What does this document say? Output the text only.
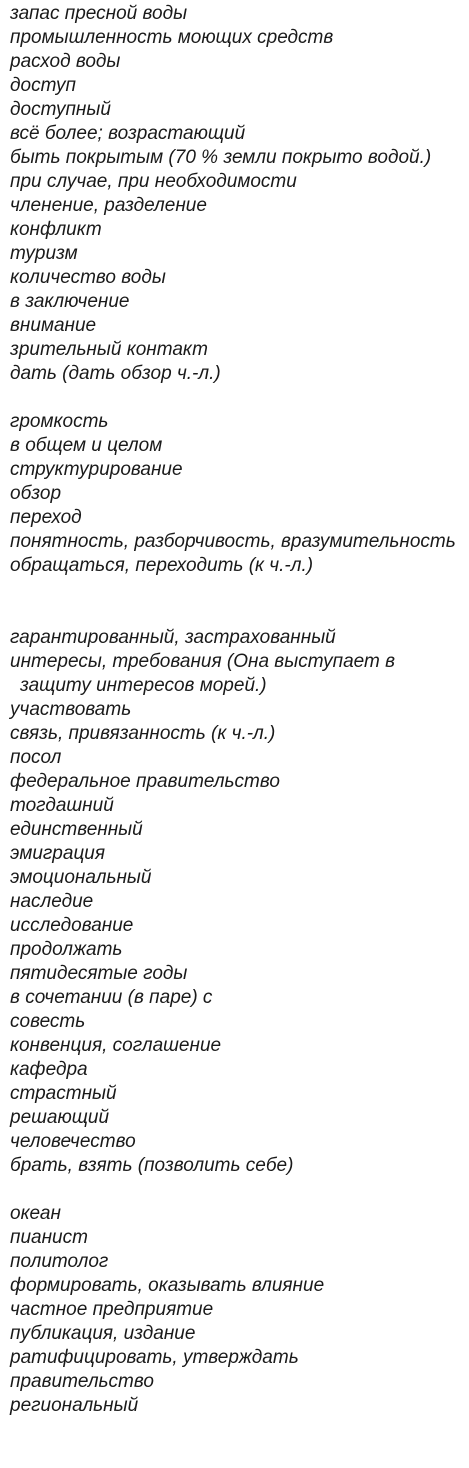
запас пресной воды

промышленность моющих средств

расход воды

доступ

доступный

всё более; возрастающий

быть покрытым (70 % земли покрыто водой.)

при случае, при необходимости

членение, разделение

конфликт

туризм

количество воды

в заключение

внимание

зрительный контакт

дать (дать обзор ч.-л.)

громкость

в общем и целом

структурирование

обзор

переход

понятность, разборчивость, вразумительность

обращаться, переходить (к ч.-л.)

гарантированный, застрахованный

интересы, требования (Она выступает в защиту интересов морей.)

участвовать

связь, привязанность (к ч.-л.)

посол

федеральное правительство

тогдашний

единственный

эмиграция

эмоциональный

наследие

исследование

продолжать

пятидесятые годы

в сочетании (в паре) с

совесть

конвенция, соглашение

кафедра

страстный

решающий

человечество

брать, взять (позволить себе)

океан

пианист

политолог

формировать, оказывать влияние

частное предприятие

публикация, издание

ратифицировать, утверждать

правительство

региональный
